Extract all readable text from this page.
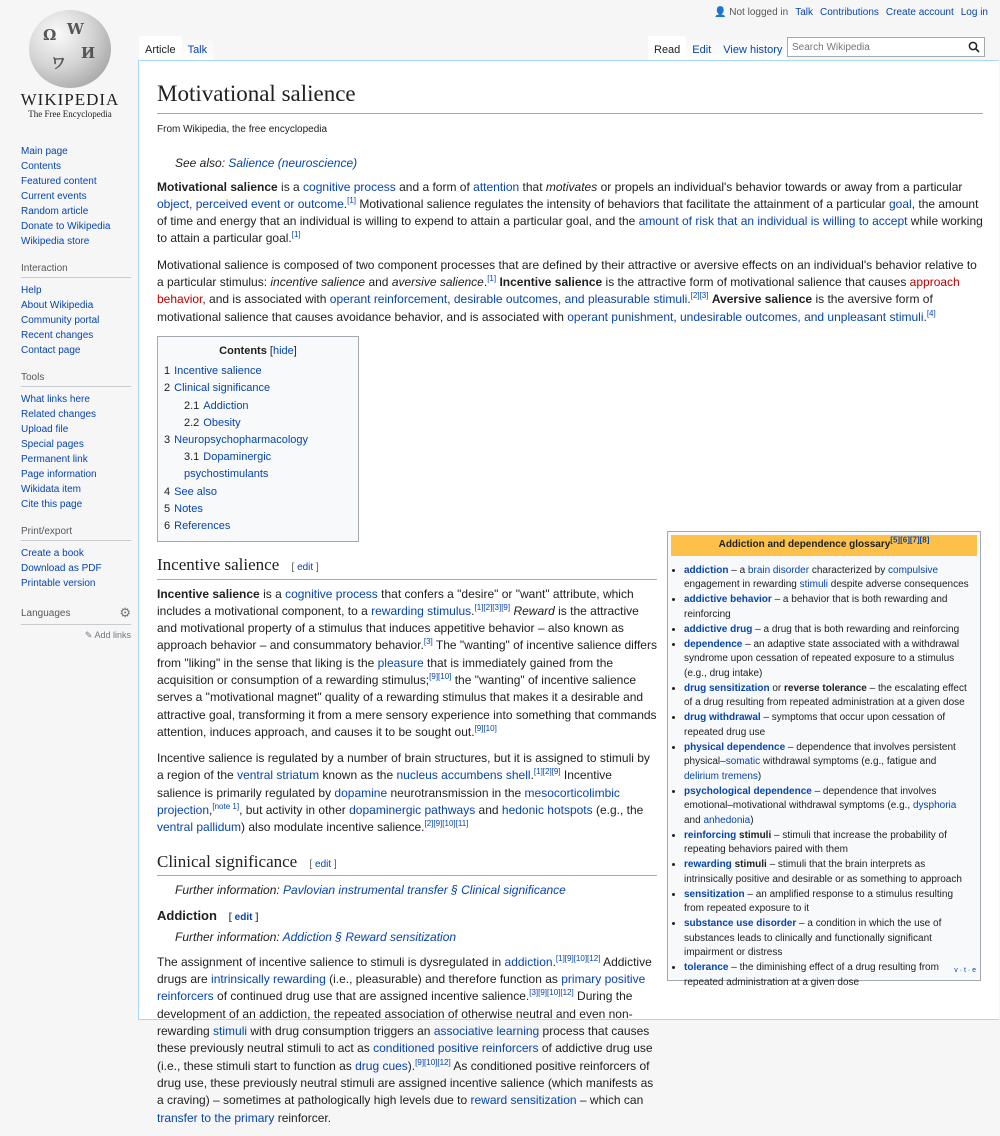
Ω W
И
ワ
WIKIPEDIA
The Free Encyclopedia
Main page
Contents
Featured content
Current events
Random article
Donate to Wikipedia
Wikipedia store
Interaction
Help
About Wikipedia
Community portal
Recent changes
Contact page
Tools
What links here
Related changes
Upload file
Special pages
Permanent link
Page information
Wikidata item
Cite this page
Print/export
Create a book
Download as PDF
Printable version
Languages	⚙
✎ Add links
👤 Not logged in Talk Contributions Create account Log in
Article	Talk	Read	Edit	View history
Search Wikipedia
Motivational salience
From Wikipedia, the free encyclopedia
See also: Salience (neuroscience)

Motivational salience is a cognitive process and a form of attention that motivates or propels an individual's behavior towards or away from a particular object, perceived event or outcome.[1] Motivational salience regulates the intensity of behaviors that facilitate the attainment of a particular goal, the amount of time and energy that an individual is willing to expend to attain a particular goal, and the amount of risk that an individual is willing to accept while working to attain a particular goal.[1]

Motivational salience is composed of two component processes that are defined by their attractive or aversive effects on an individual's behavior relative to a particular stimulus: incentive salience and aversive salience.[1] Incentive salience is the attractive form of motivational salience that causes approach behavior, and is associated with operant reinforcement, desirable outcomes, and pleasurable stimuli.[2][3] Aversive salience is the aversive form of motivational salience that causes avoidance behavior, and is associated with operant punishment, undesirable outcomes, and unpleasant stimuli.[4]

Contents [hide]
1 Incentive salience
2 Clinical significance
2.1 Addiction
2.2 Obesity
3 Neuropsychopharmacology
3.1 Dopaminergic psychostimulants
4 See also
5 Notes
6 References
Incentive salience [ edit ]

Incentive salience is a cognitive process that confers a "desire" or "want" attribute, which includes a motivational component, to a rewarding stimulus.[1][2][3][9] Reward is the attractive and motivational property of a stimulus that induces appetitive behavior – also known as approach behavior – and consummatory behavior.[3] The "wanting" of incentive salience differs from "liking" in the sense that liking is the pleasure that is immediately gained from the acquisition or consumption of a rewarding stimulus;[9][10] the "wanting" of incentive salience serves a "motivational magnet" quality of a rewarding stimulus that makes it a desirable and attractive goal, transforming it from a mere sensory experience into something that commands attention, induces approach, and causes it to be sought out.[9][10]

Incentive salience is regulated by a number of brain structures, but it is assigned to stimuli by a region of the ventral striatum known as the nucleus accumbens shell.[1][2][9] Incentive salience is primarily regulated by dopamine neurotransmission in the mesocorticolimbic projection,[note 1], but activity in other dopaminergic pathways and hedonic hotspots (e.g., the ventral pallidum) also modulate incentive salience.[2][9][10][11]

Clinical significance [ edit ]
Further information: Pavlovian instrumental transfer § Clinical significance
Addiction [ edit ]
Further information: Addiction § Reward sensitization

The assignment of incentive salience to stimuli is dysregulated in addiction.[1][9][10][12] Addictive drugs are intrinsically rewarding (i.e., pleasurable) and therefore function as primary positive reinforcers of continued drug use that are assigned incentive salience.[3][9][10][12] During the development of an addiction, the repeated association of otherwise neutral and even non-rewarding stimuli with drug consumption triggers an associative learning process that causes these previously neutral stimuli to act as conditioned positive reinforcers of addictive drug use (i.e., these stimuli start to function as drug cues).[9][10][12] As conditioned positive reinforcers of drug use, these previously neutral stimuli are assigned incentive salience (which manifests as a craving) – sometimes at pathologically high levels due to reward sensitization – which can transfer to the primary reinforcer.

Addiction and dependence glossary[5][6][7][8]
• addiction – a brain disorder characterized by compulsive engagement in rewarding stimuli despite adverse consequences
• addictive behavior – a behavior that is both rewarding and reinforcing
• addictive drug – a drug that is both rewarding and reinforcing
• dependence – an adaptive state associated with a withdrawal syndrome upon cessation of repeated exposure to a stimulus (e.g., drug intake)
• drug sensitization or reverse tolerance – the escalating effect of a drug resulting from repeated administration at a given dose
• drug withdrawal – symptoms that occur upon cessation of repeated drug use
• physical dependence – dependence that involves persistent physical–somatic withdrawal symptoms (e.g., fatigue and delirium tremens)
• psychological dependence – dependence that involves emotional–motivational withdrawal symptoms (e.g., dysphoria and anhedonia)
• reinforcing stimuli – stimuli that increase the probability of repeating behaviors paired with them
• rewarding stimuli – stimuli that the brain interprets as intrinsically positive and desirable or as something to approach
• sensitization – an amplified response to a stimulus resulting from repeated exposure to it
• substance use disorder – a condition in which the use of substances leads to clinically and functionally significant impairment or distress
• tolerance – the diminishing effect of a drug resulting from repeated administration at a given dose
v · t · e
